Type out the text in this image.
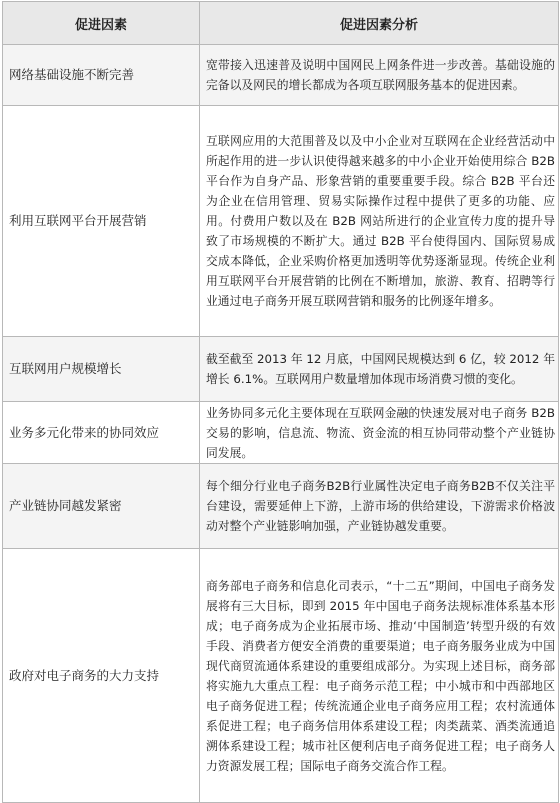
促进因素	促进因素分析
网络基础设施不断完善	宽带接入迅速普及说明中国网民上网条件进一步改善。基础设施的完备以及网民的增长都成为各项互联网服务基本的促进因素。
利用互联网平台开展营销	互联网应用的大范围普及以及中小企业对互联网在企业经营活动中所起作用的进一步认识使得越来越多的中小企业开始使用综合 B2B 平台作为自身产品、形象营销的重要重要手段。综合 B2B 平台还为企业在信用管理、贸易实际操作过程中提供了更多的功能、应用。付费用户数以及在 B2B 网站所进行的企业宣传力度的提升导致了市场规模的不断扩大。通过 B2B 平台使得国内、国际贸易成交成本降低，企业采购价格更加透明等优势逐渐显现。传统企业利用互联网平台开展营销的比例在不断增加，旅游、教育、招聘等行业通过电子商务开展互联网营销和服务的比例逐年增多。
互联网用户规模增长	截至截至 2013 年 12 月底，中国网民规模达到 6 亿，较 2012 年增长 6.1%。互联网用户数量增加体现市场消费习惯的变化。
业务多元化带来的协同效应	业务协同多元化主要体现在互联网金融的快速发展对电子商务 B2B 交易的影响，信息流、物流、资金流的相互协同带动整个产业链协同发展。
产业链协同越发紧密	每个细分行业电子商务B2B行业属性决定电子商务B2B不仅关注平台建设，需要延伸上下游，上游市场的供给建设，下游需求价格波动对整个产业链影响加强，产业链协越发重要。
政府对电子商务的大力支持	商务部电子商务和信息化司表示，“十二五”期间，中国电子商务发展将有三大目标，即到 2015 年中国电子商务法规标准体系基本形成；电子商务成为企业拓展市场、推动‘中国制造’转型升级的有效手段、消费者方便安全消费的重要渠道；电子商务服务业成为中国现代商贸流通体系建设的重要组成部分。为实现上述目标，商务部将实施九大重点工程：电子商务示范工程；中小城市和中西部地区电子商务促进工程；传统流通企业电子商务应用工程；农村流通体系促进工程；电子商务信用体系建设工程；肉类蔬菜、酒类流通追溯体系建设工程；城市社区便利店电子商务促进工程；电子商务人力资源发展工程；国际电子商务交流合作工程。
